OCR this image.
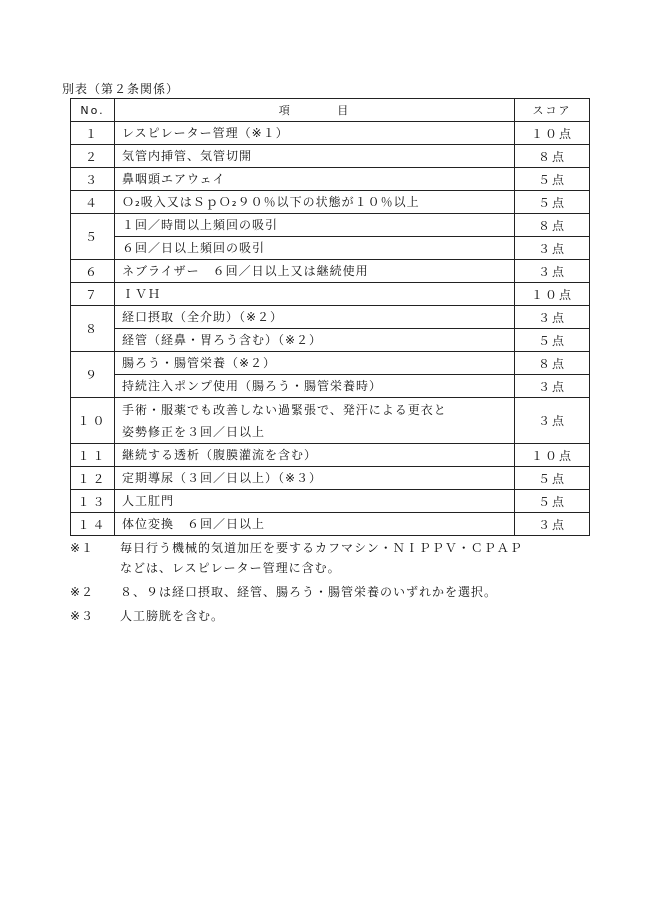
別表（第２条関係）
No.	項 目	スコア
１	レスピレーター管理（※１）	１０点
２	気管内挿管、気管切開	８点
３	鼻咽頭エアウェイ	５点
４	Ｏ₂吸入又はＳｐＯ₂９０％以下の状態が１０％以上	５点
５	１回／時間以上頻回の吸引	８点
	６回／日以上頻回の吸引	３点
６	ネブライザー　６回／日以上又は継続使用	３点
７	ＩＶＨ	１０点
８	経口摂取（全介助）（※２）	３点
	経管（経鼻・胃ろう含む）（※２）	５点
９	腸ろう・腸管栄養（※２）	８点
	持続注入ポンプ使用（腸ろう・腸管栄養時）	３点
１０	手術・服薬でも改善しない過緊張で、発汗による更衣と
姿勢修正を３回／日以上	３点
１１	継続する透析（腹膜灌流を含む）	１０点
１２	定期導尿（３回／日以上）（※３）	５点
１３	人工肛門	５点
１４	体位変換　６回／日以上	３点
※１	毎日行う機械的気道加圧を要するカフマシン・ＮＩＰＰＶ・ＣＰＡＰ
などは、レスピレーター管理に含む。
※２	８、９は経口摂取、経管、腸ろう・腸管栄養のいずれかを選択。
※３	人工膀胱を含む。
